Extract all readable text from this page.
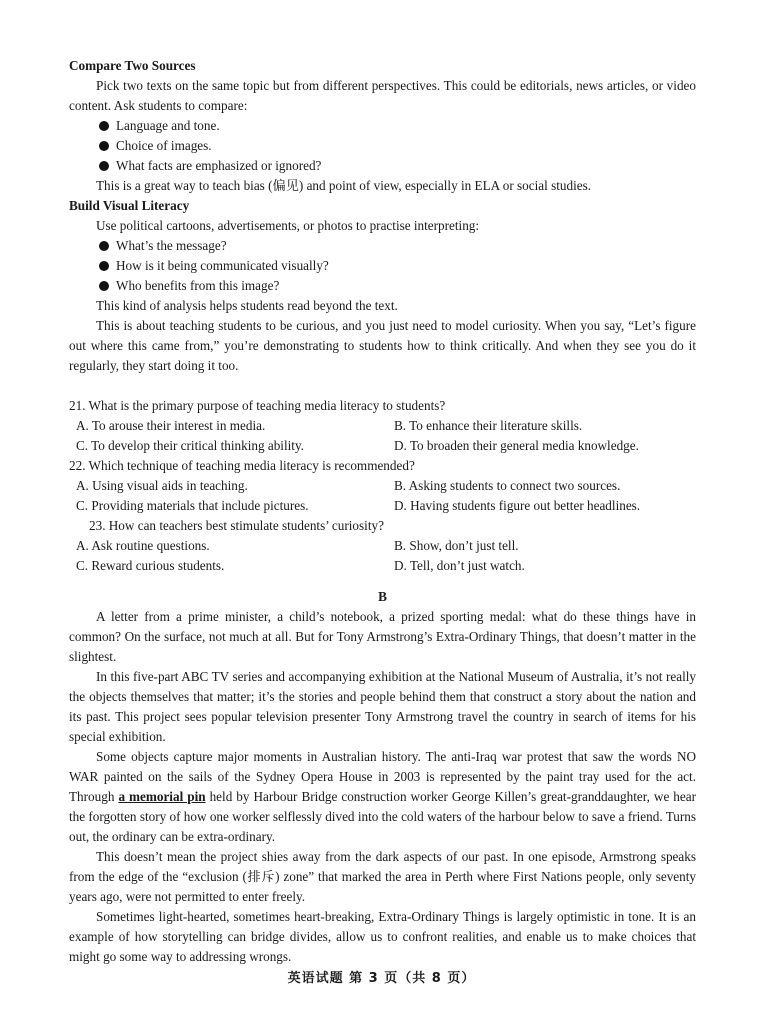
Compare Two Sources
Pick two texts on the same topic but from different perspectives. This could be editorials, news articles, or video content. Ask students to compare:
Language and tone.
Choice of images.
What facts are emphasized or ignored?
This is a great way to teach bias (偏见) and point of view, especially in ELA or social studies.
Build Visual Literacy
Use political cartoons, advertisements, or photos to practise interpreting:
What’s the message?
How is it being communicated visually?
Who benefits from this image?
This kind of analysis helps students read beyond the text.
This is about teaching students to be curious, and you just need to model curiosity. When you say, “Let’s figure out where this came from,” you’re demonstrating to students how to think critically. And when they see you do it regularly, they start doing it too.
21. What is the primary purpose of teaching media literacy to students?
A. To arouse their interest in media.	B. To enhance their literature skills.
C. To develop their critical thinking ability.	D. To broaden their general media knowledge.
22. Which technique of teaching media literacy is recommended?
A. Using visual aids in teaching.	B. Asking students to connect two sources.
C. Providing materials that include pictures.	D. Having students figure out better headlines.
23. How can teachers best stimulate students’ curiosity?
A. Ask routine questions.	B. Show, don’t just tell.
C. Reward curious students.	D. Tell, don’t just watch.
B
A letter from a prime minister, a child’s notebook, a prized sporting medal: what do these things have in common? On the surface, not much at all. But for Tony Armstrong’s Extra-Ordinary Things, that doesn’t matter in the slightest.
In this five-part ABC TV series and accompanying exhibition at the National Museum of Australia, it’s not really the objects themselves that matter; it’s the stories and people behind them that construct a story about the nation and its past. This project sees popular television presenter Tony Armstrong travel the country in search of items for his special exhibition.
Some objects capture major moments in Australian history. The anti-Iraq war protest that saw the words NO WAR painted on the sails of the Sydney Opera House in 2003 is represented by the paint tray used for the act. Through a memorial pin held by Harbour Bridge construction worker George Killen’s great-granddaughter, we hear the forgotten story of how one worker selflessly dived into the cold waters of the harbour below to save a friend. Turns out, the ordinary can be extra-ordinary.
This doesn’t mean the project shies away from the dark aspects of our past. In one episode, Armstrong speaks from the edge of the “exclusion (排斥) zone” that marked the area in Perth where First Nations people, only seventy years ago, were not permitted to enter freely.
Sometimes light-hearted, sometimes heart-breaking, Extra-Ordinary Things is largely optimistic in tone. It is an example of how storytelling can bridge divides, allow us to confront realities, and enable us to make choices that might go some way to addressing wrongs.
英语试题 第 3 页（共 8 页）
